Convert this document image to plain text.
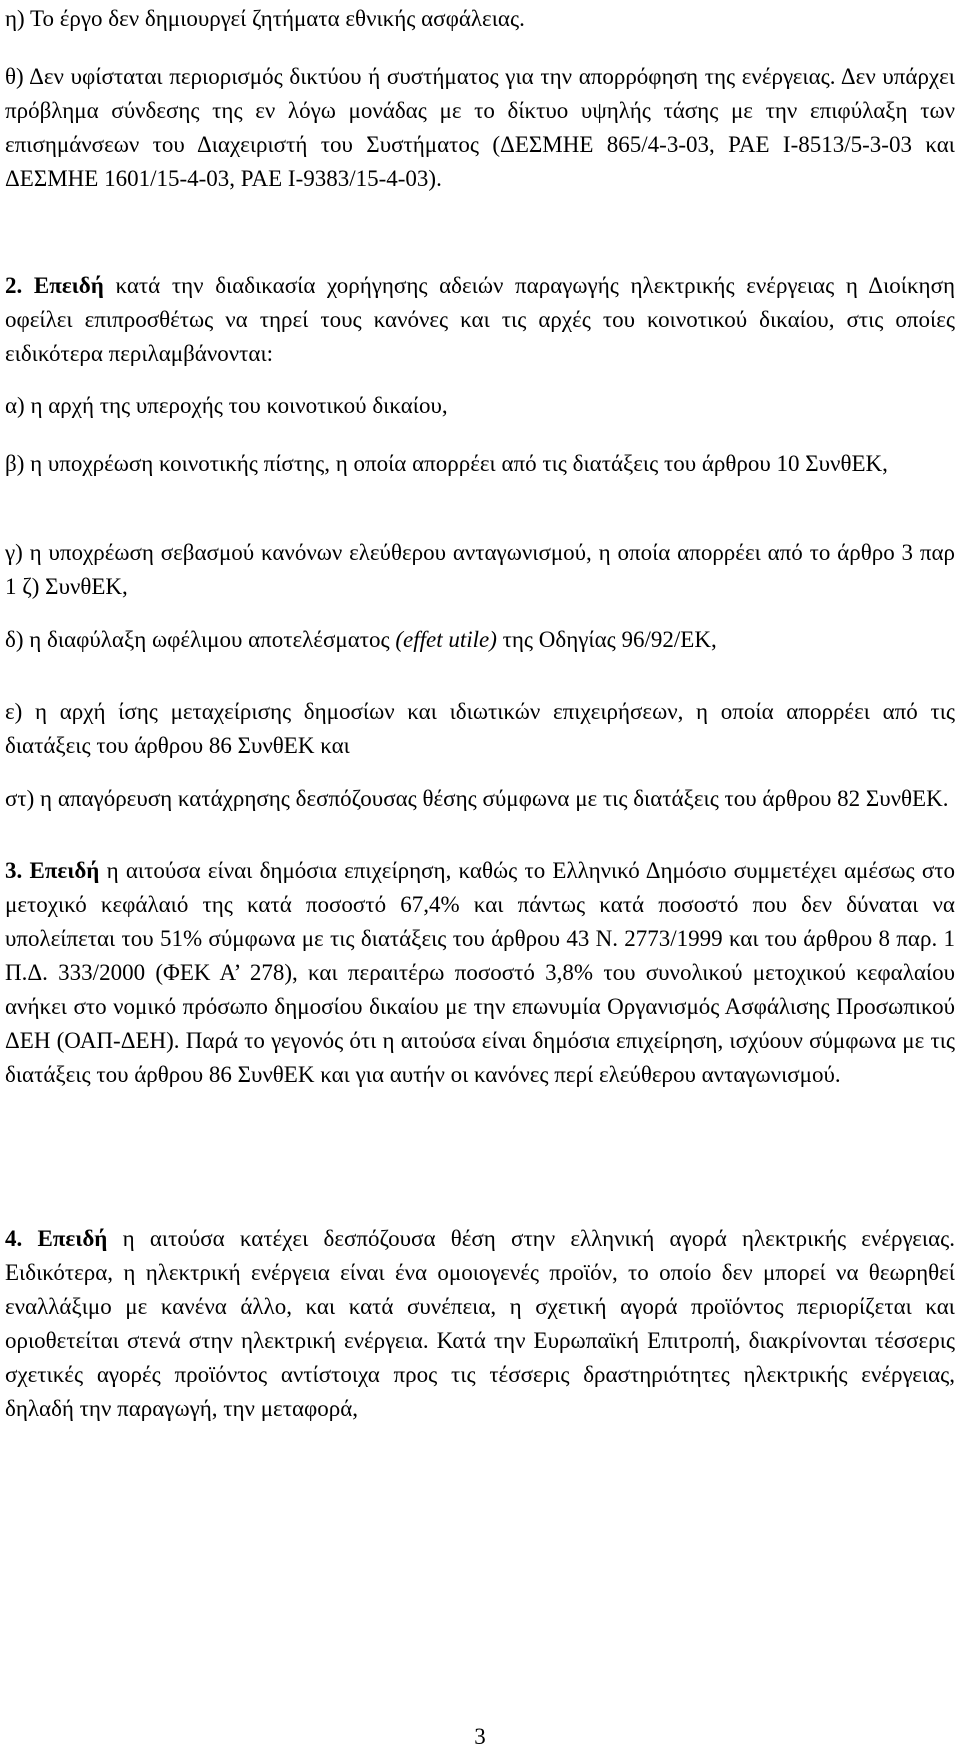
η) Το έργο δεν δημιουργεί ζητήματα εθνικής ασφάλειας.

θ) Δεν υφίσταται περιορισμός δικτύου ή συστήματος για την απορρόφηση της ενέργειας. Δεν υπάρχει πρόβλημα σύνδεσης της εν λόγω μονάδας με το δίκτυο υψηλής τάσης με την επιφύλαξη των επισημάνσεων του Διαχειριστή του Συστήματος (ΔΕΣΜΗΕ 865/4-3-03, ΡΑΕ Ι-8513/5-3-03 και ΔΕΣΜΗΕ 1601/15-4-03, ΡΑΕ Ι-9383/15-4-03).

2. Επειδή κατά την διαδικασία χορήγησης αδειών παραγωγής ηλεκτρικής ενέργειας η Διοίκηση οφείλει επιπροσθέτως να τηρεί τους κανόνες και τις αρχές του κοινοτικού δικαίου, στις οποίες ειδικότερα περιλαμβάνονται:

α) η αρχή της υπεροχής του κοινοτικού δικαίου,

β) η υποχρέωση κοινοτικής πίστης, η οποία απορρέει από τις διατάξεις του άρθρου 10 ΣυνθΕΚ,

γ) η υποχρέωση σεβασμού κανόνων ελεύθερου ανταγωνισμού, η οποία απορρέει από το άρθρο 3 παρ 1 ζ) ΣυνθΕΚ,

δ) η διαφύλαξη ωφέλιμου αποτελέσματος (effet utile) της Οδηγίας 96/92/ΕΚ,

ε) η αρχή ίσης μεταχείρισης δημοσίων και ιδιωτικών επιχειρήσεων, η οποία απορρέει από τις διατάξεις του άρθρου 86 ΣυνθΕΚ και

στ) η απαγόρευση κατάχρησης δεσπόζουσας θέσης σύμφωνα με τις διατάξεις του άρθρου 82 ΣυνθΕΚ.

3. Επειδή η αιτούσα είναι δημόσια επιχείρηση, καθώς το Ελληνικό Δημόσιο συμμετέχει αμέσως στο μετοχικό κεφάλαιό της κατά ποσοστό 67,4% και πάντως κατά ποσοστό που δεν δύναται να υπολείπεται του 51% σύμφωνα με τις διατάξεις του άρθρου 43 Ν. 2773/1999 και του άρθρου 8 παρ. 1 Π.Δ. 333/2000 (ΦΕΚ Α’ 278), και περαιτέρω ποσοστό 3,8% του συνολικού μετοχικού κεφαλαίου ανήκει στο νομικό πρόσωπο δημοσίου δικαίου με την επωνυμία Οργανισμός Ασφάλισης Προσωπικού ΔΕΗ (ΟΑΠ-ΔΕΗ). Παρά το γεγονός ότι η αιτούσα είναι δημόσια επιχείρηση, ισχύουν σύμφωνα με τις διατάξεις του άρθρου 86 ΣυνθΕΚ και για αυτήν οι κανόνες περί ελεύθερου ανταγωνισμού.

4. Επειδή η αιτούσα κατέχει δεσπόζουσα θέση στην ελληνική αγορά ηλεκτρικής ενέργειας. Ειδικότερα, η ηλεκτρική ενέργεια είναι ένα ομοιογενές προϊόν, το οποίο δεν μπορεί να θεωρηθεί εναλλάξιμο με κανένα άλλο, και κατά συνέπεια, η σχετική αγορά προϊόντος περιορίζεται και οριοθετείται στενά στην ηλεκτρική ενέργεια. Κατά την Ευρωπαϊκή Επιτροπή, διακρίνονται τέσσερις σχετικές αγορές προϊόντος αντίστοιχα προς τις τέσσερις δραστηριότητες ηλεκτρικής ενέργειας, δηλαδή την παραγωγή, την μεταφορά,

3
